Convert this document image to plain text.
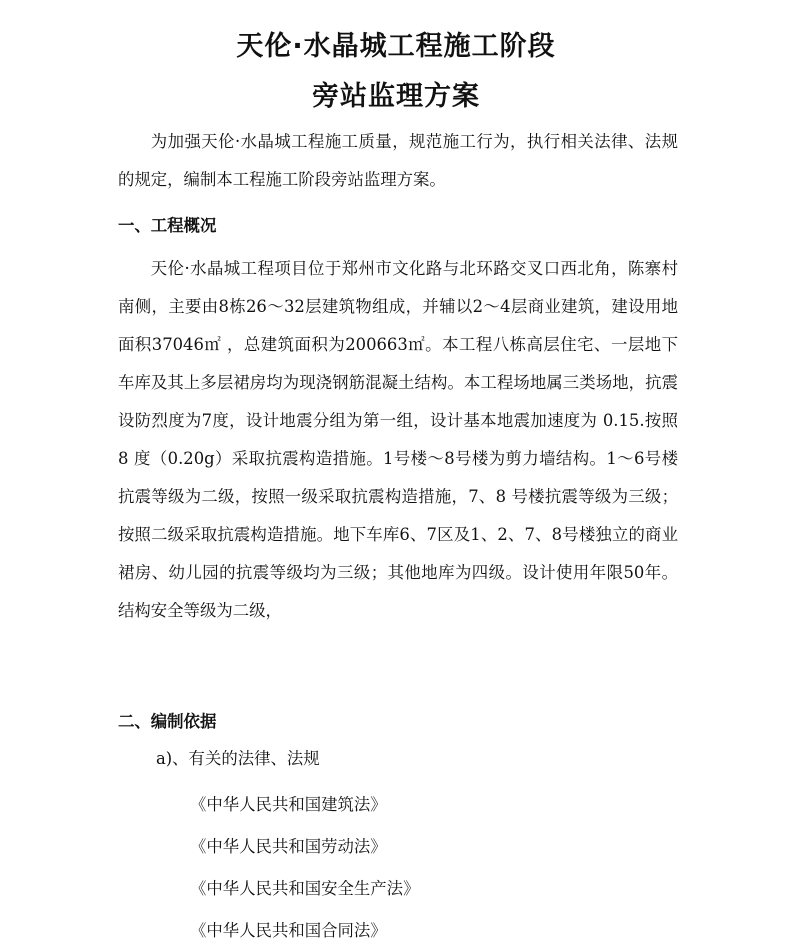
天伦·水晶城工程施工阶段
旁站监理方案
为加强天伦·水晶城工程施工质量，规范施工行为，执行相关法律、法规的规定，编制本工程施工阶段旁站监理方案。
一、工程概况
天伦·水晶城工程项目位于郑州市文化路与北环路交叉口西北角，陈寨村南侧，主要由8栋26～32层建筑物组成，并辅以2～4层商业建筑，建设用地面积37046㎡ ，总建筑面积为200663㎡。本工程八栋高层住宅、一层地下车库及其上多层裙房均为现浇钢筋混凝土结构。本工程场地属三类场地，抗震设防烈度为7度，设计地震分组为第一组，设计基本地震加速度为 0.15.按照 8 度（0.20g）采取抗震构造措施。1号楼～8号楼为剪力墙结构。1～6号楼抗震等级为二级，按照一级采取抗震构造措施，7、8 号楼抗震等级为三级；按照二级采取抗震构造措施。地下车库6、7区及1、2、7、8号楼独立的商业裙房、幼儿园的抗震等级均为三级；其他地库为四级。设计使用年限50年。结构安全等级为二级，
二、编制依据
a)、有关的法律、法规
《中华人民共和国建筑法》
《中华人民共和国劳动法》
《中华人民共和国安全生产法》
《中华人民共和国合同法》
